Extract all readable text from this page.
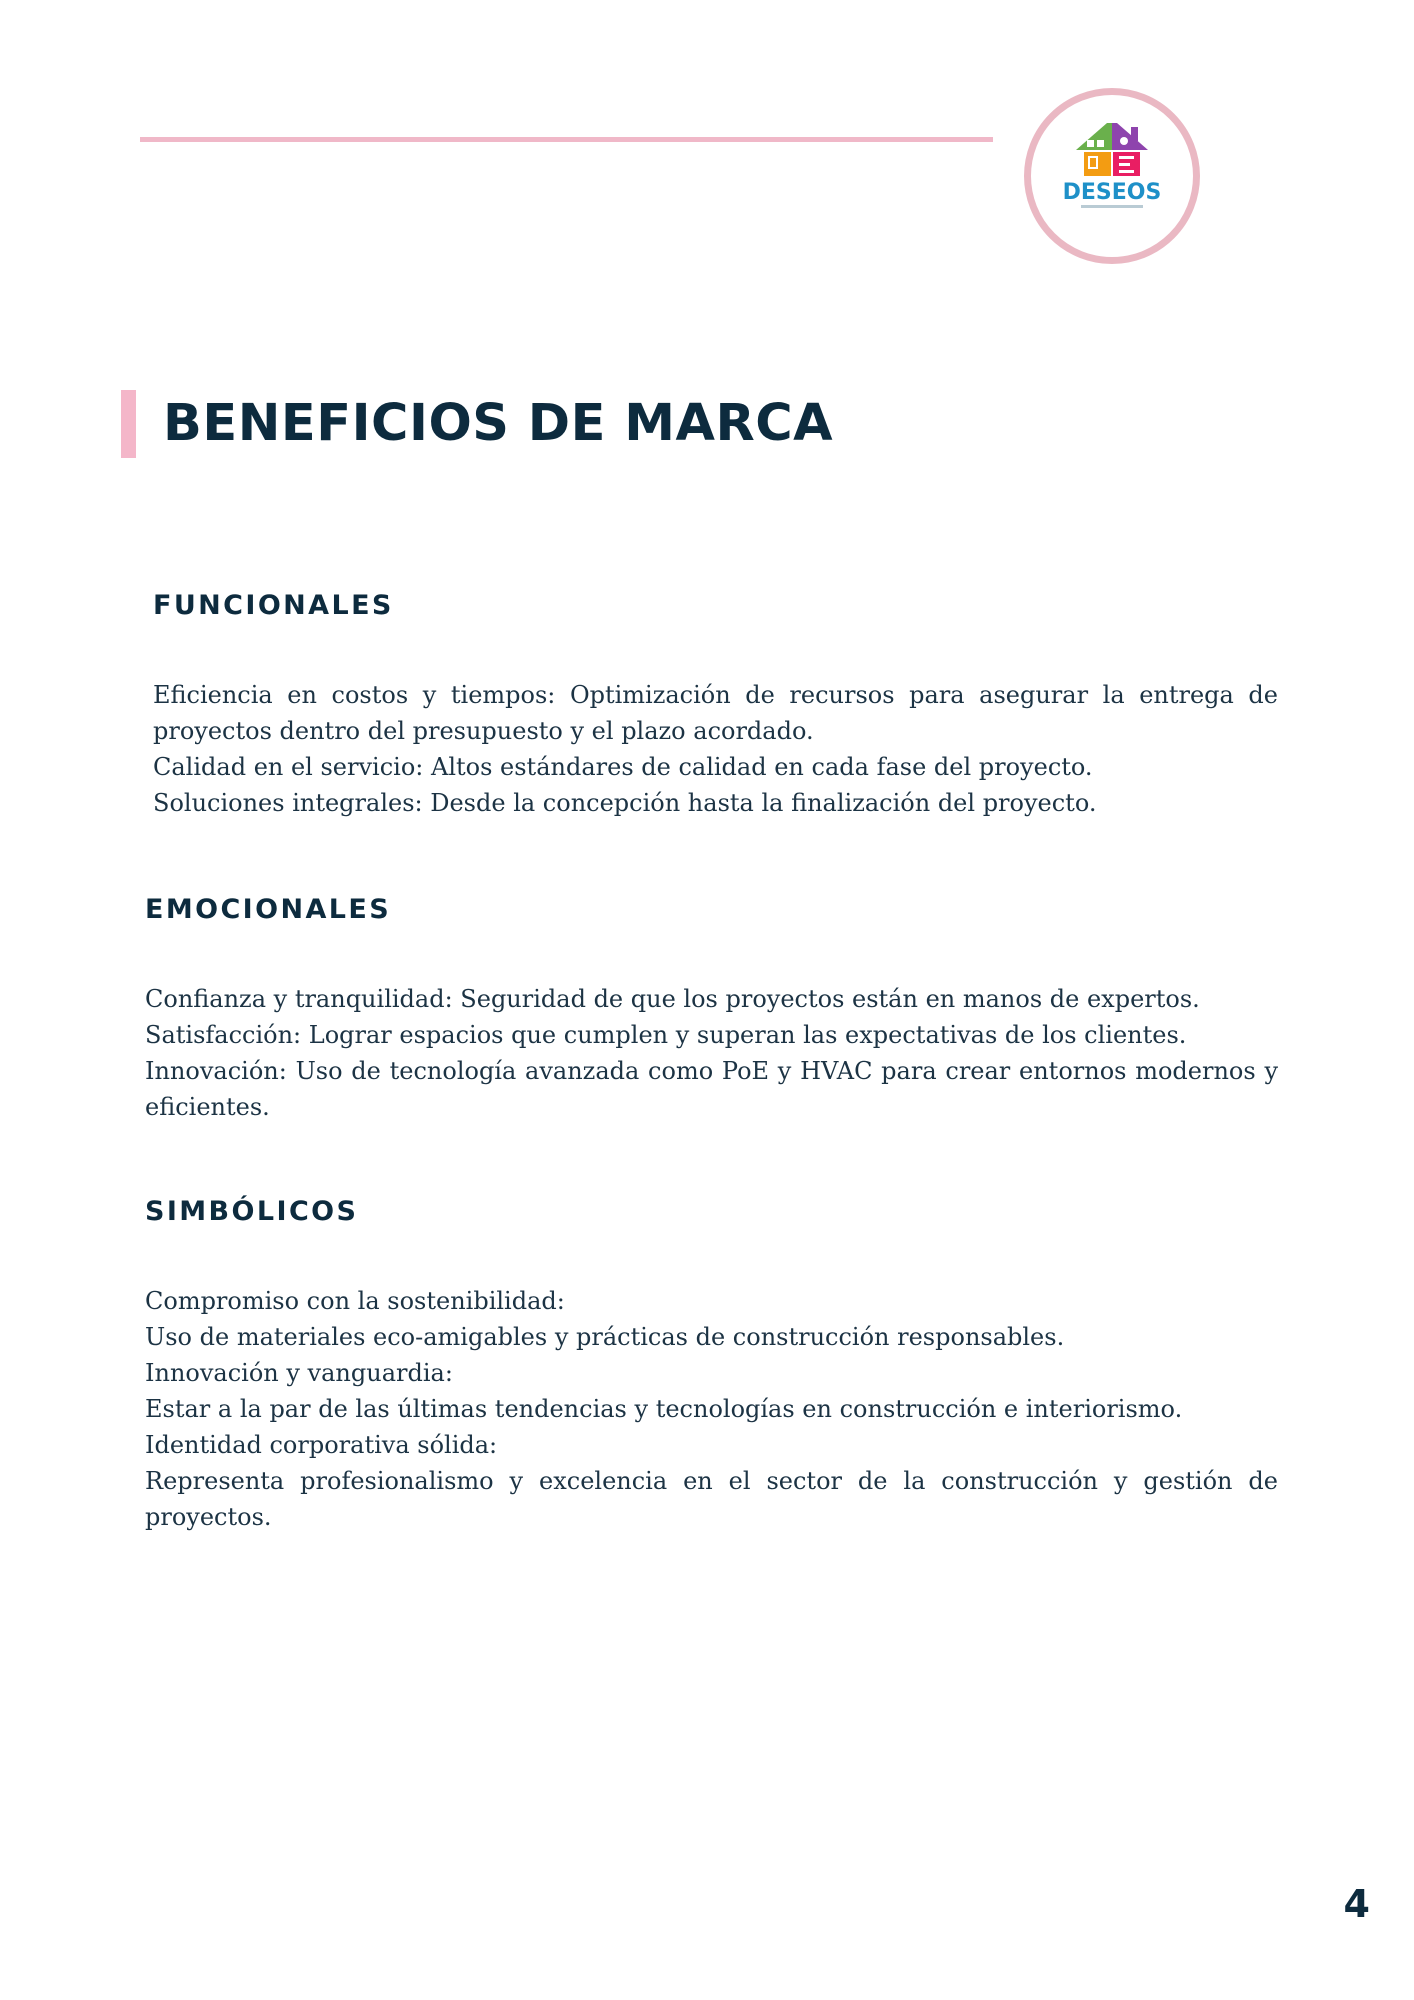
DESEOS
BENEFICIOS DE MARCA
FUNCIONALES

Eficiencia en costos y tiempos: Optimización de recursos para asegurar la entrega de proyectos dentro del presupuesto y el plazo acordado.

Calidad en el servicio: Altos estándares de calidad en cada fase del proyecto.

Soluciones integrales: Desde la concepción hasta la finalización del proyecto.

EMOCIONALES

Confianza y tranquilidad: Seguridad de que los proyectos están en manos de expertos.

Satisfacción: Lograr espacios que cumplen y superan las expectativas de los clientes.

Innovación: Uso de tecnología avanzada como PoE y HVAC para crear entornos modernos y eficientes.

SIMBÓLICOS

Compromiso con la sostenibilidad:

Uso de materiales eco-amigables y prácticas de construcción responsables.

Innovación y vanguardia:

Estar a la par de las últimas tendencias y tecnologías en construcción e interiorismo.

Identidad corporativa sólida:

Representa profesionalismo y excelencia en el sector de la construcción y gestión de proyectos.

4
